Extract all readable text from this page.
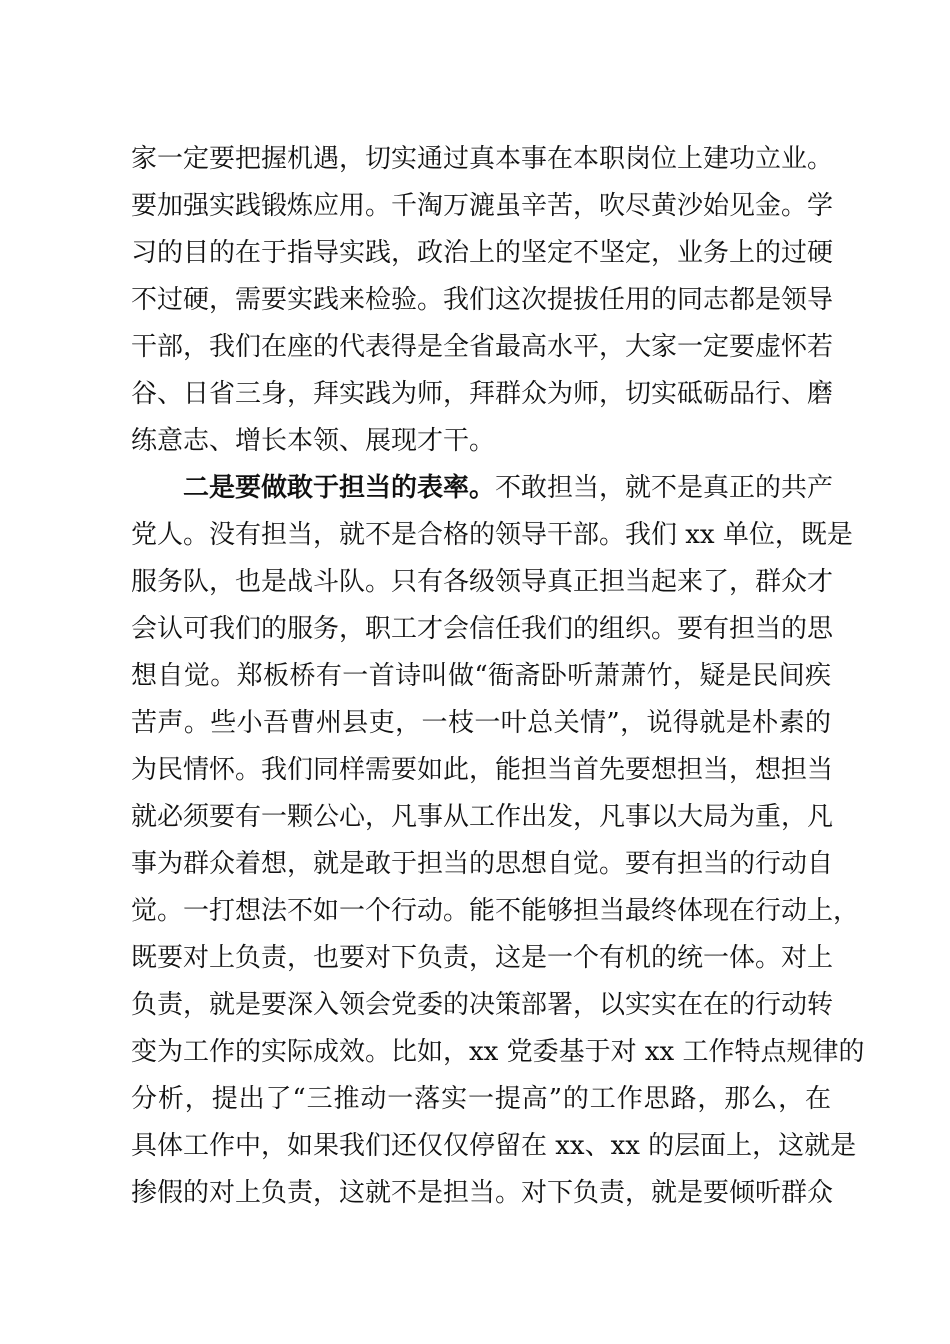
家一定要把握机遇，切实通过真本事在本职岗位上建功立业。
要加强实践锻炼应用。千淘万漉虽辛苦，吹尽黄沙始见金。学
习的目的在于指导实践，政治上的坚定不坚定，业务上的过硬
不过硬，需要实践来检验。我们这次提拔任用的同志都是领导
干部，我们在座的代表得是全省最高水平，大家一定要虚怀若
谷、日省三身，拜实践为师，拜群众为师，切实砥砺品行、磨
练意志、增长本领、展现才干。
二是要做敢于担当的表率。不敢担当，就不是真正的共产
党人。没有担当，就不是合格的领导干部。我们 xx 单位，既是
服务队，也是战斗队。只有各级领导真正担当起来了，群众才
会认可我们的服务，职工才会信任我们的组织。要有担当的思
想自觉。郑板桥有一首诗叫做“衙斋卧听萧萧竹，疑是民间疾
苦声。些小吾曹州县吏，一枝一叶总关情”，说得就是朴素的
为民情怀。我们同样需要如此，能担当首先要想担当，想担当
就必须要有一颗公心，凡事从工作出发，凡事以大局为重，凡
事为群众着想，就是敢于担当的思想自觉。要有担当的行动自
觉。一打想法不如一个行动。能不能够担当最终体现在行动上，
既要对上负责，也要对下负责，这是一个有机的统一体。对上
负责，就是要深入领会党委的决策部署，以实实在在的行动转
变为工作的实际成效。比如，xx 党委基于对 xx 工作特点规律的
分析，提出了“三推动一落实一提高”的工作思路，那么，在
具体工作中，如果我们还仅仅停留在 xx、xx 的层面上，这就是
掺假的对上负责，这就不是担当。对下负责，就是要倾听群众
